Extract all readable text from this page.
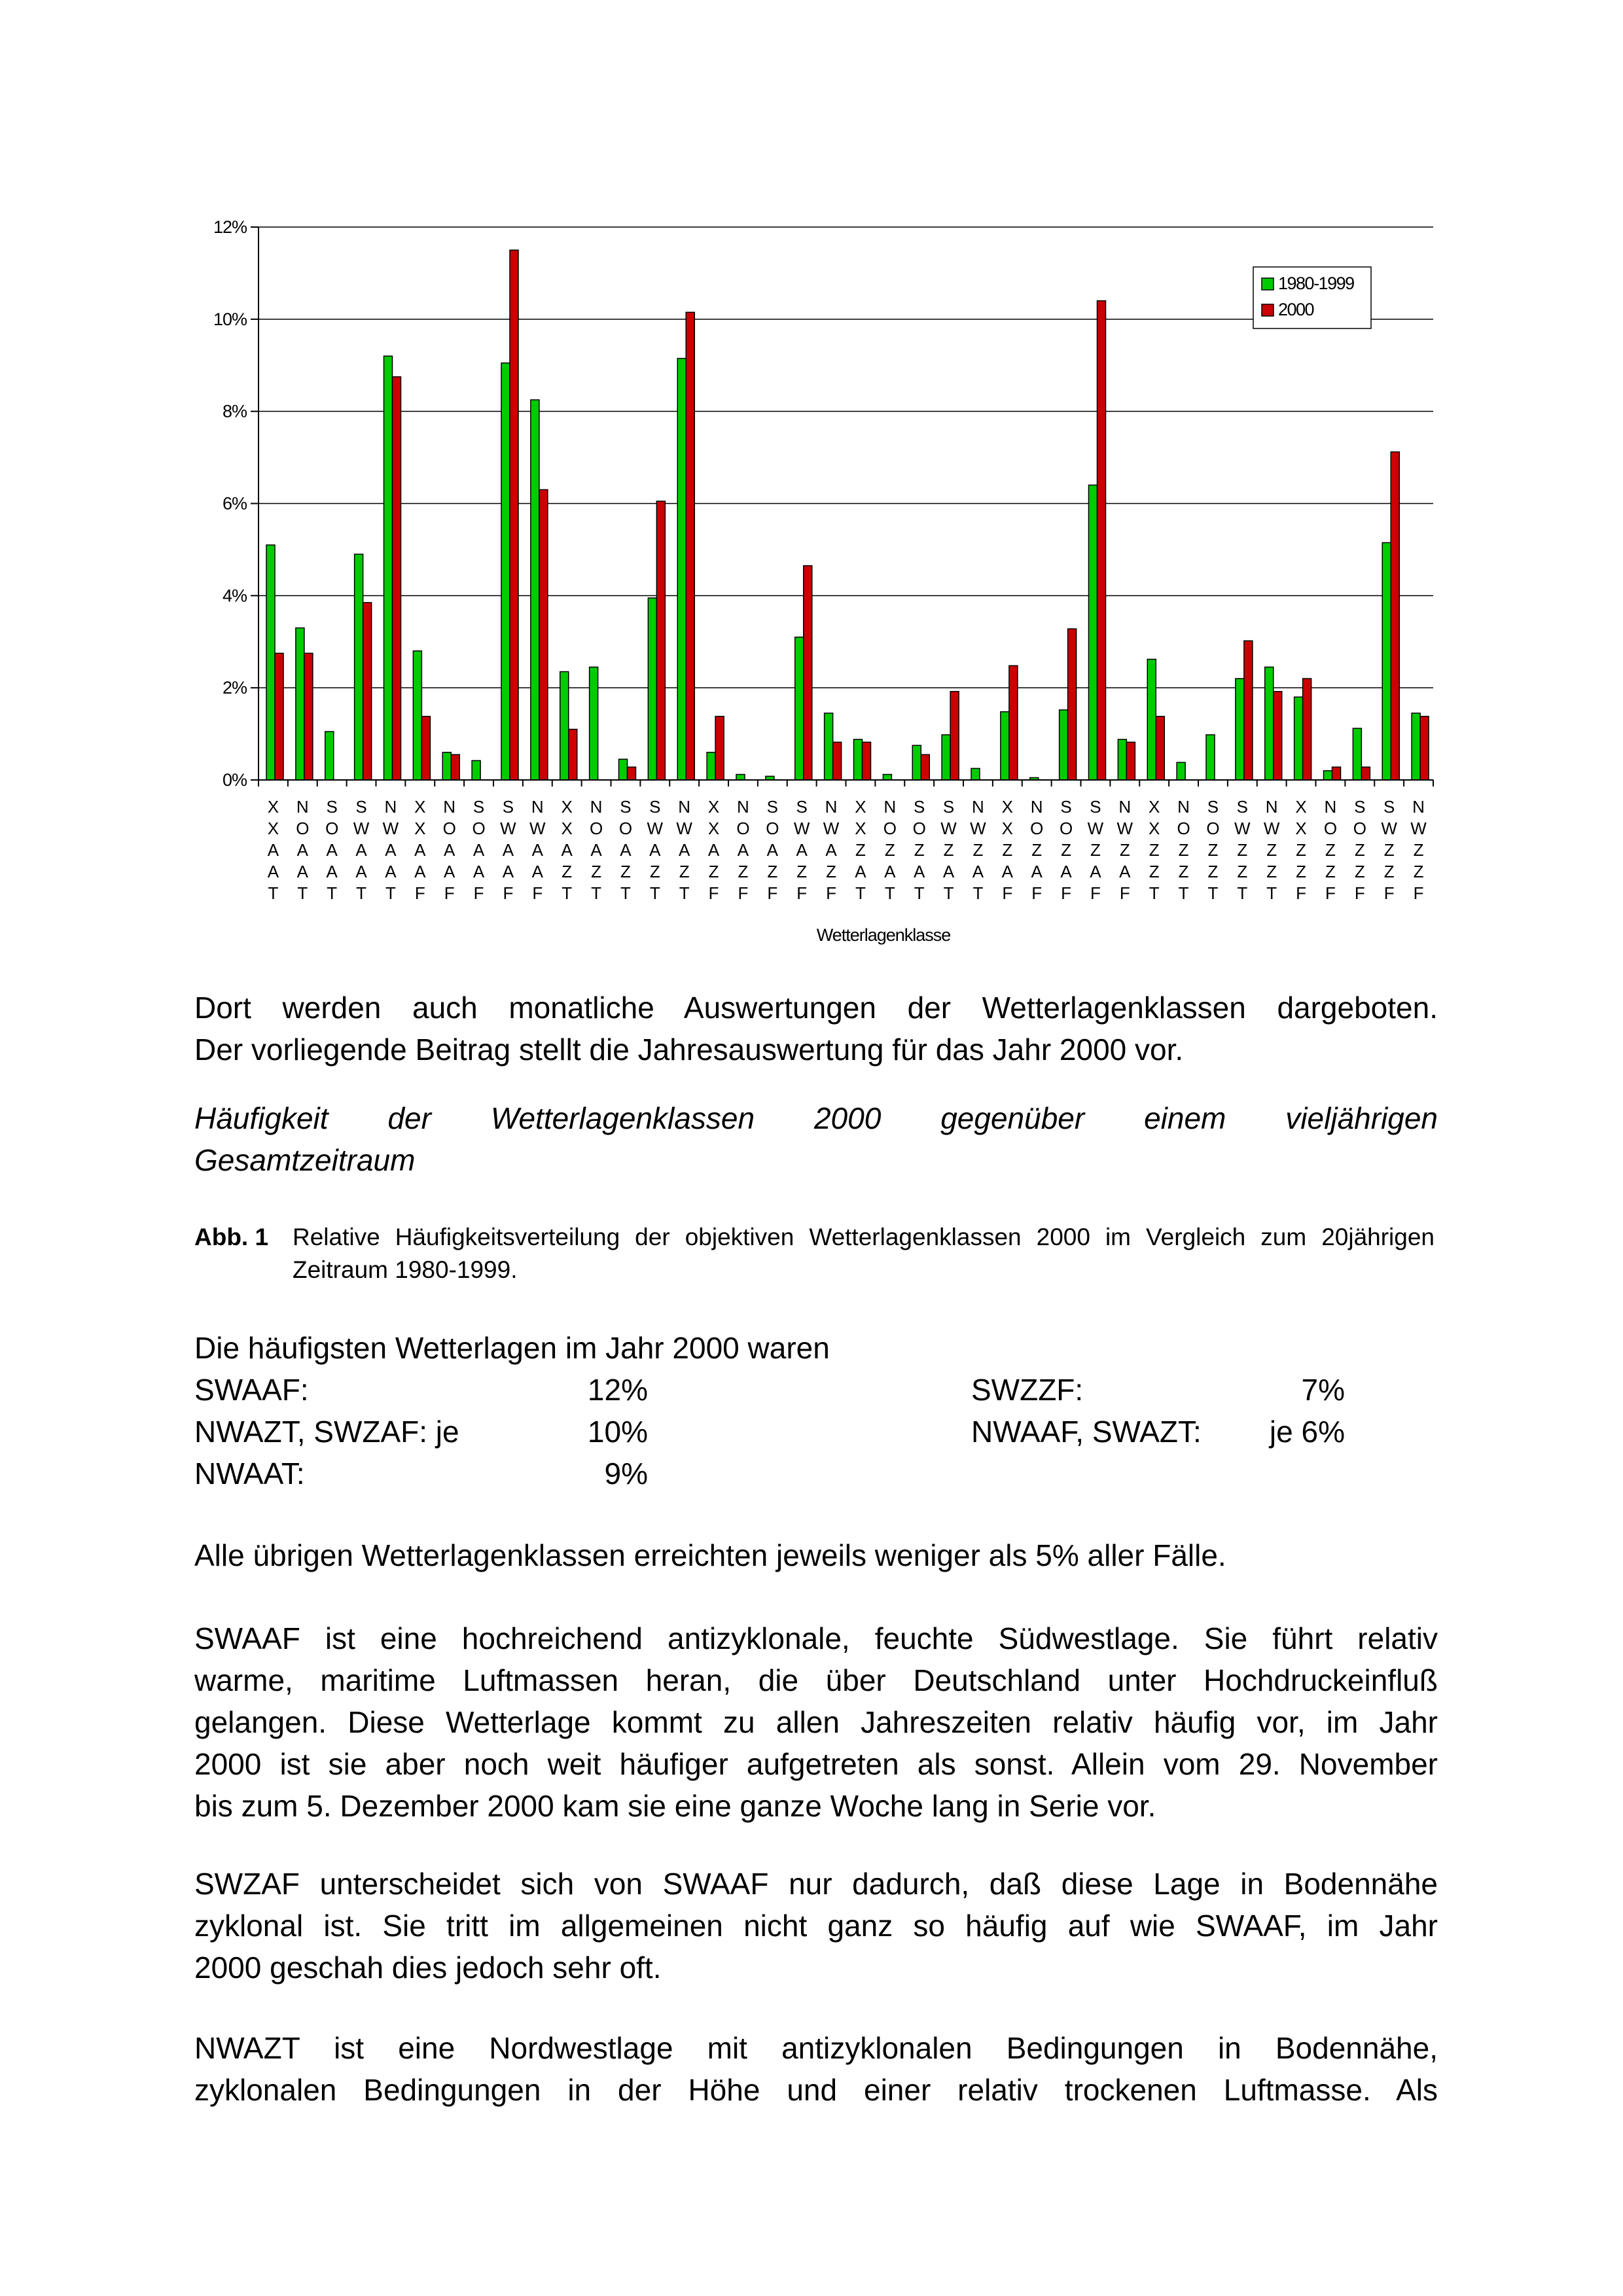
0%
2%
4%
6%
8%
10%
12%
X X A A T
N O A A T
S O A A T
S W A A T
N W A A T
X X A A F
N O A A F
S O A A F
S W A A F
N W A A F
X X A Z T
N O A Z T
S O A Z T
S W A Z T
N W A Z T
X X A Z F
N O A Z F
S O A Z F
S W A Z F
N W A Z F
X X Z A T
N O Z A T
S O Z A T
S W Z A T
N W Z A T
X X Z A F
N O Z A F
S O Z A F
S W Z A F
N W Z A F
X X Z Z T
N O Z Z T
S O Z Z T
S W Z Z T
N W Z Z T
X X Z Z F
N O Z Z F
S O Z Z F
S W Z Z F
N W Z Z F
1980-1999
2000
Wetterlagenklasse

Dort werden auch monatliche Auswertungen der Wetterlagenklassen dargeboten.

Der vorliegende Beitrag stellt die Jahresauswertung für das Jahr 2000 vor.

Häufigkeit der Wetterlagenklassen 2000 gegenüber einem vieljährigen

Gesamtzeitraum

Abb. 1 Relative Häufigkeitsverteilung der objektiven Wetterlagenklassen 2000 im Vergleich zum 20jährigen Zeitraum 1980-1999.
Die häufigsten Wetterlagen im Jahr 2000 waren
SWAAF:	12%	SWZZF:	7%
NWAZT, SWZAF: je	10%	NWAAF, SWAZT:	je 6%
NWAAT:	9%
Alle übrigen Wetterlagenklassen erreichten jeweils weniger als 5% aller Fälle.

SWAAF ist eine hochreichend antizyklonale, feuchte Südwestlage. Sie führt relativ

warme, maritime Luftmassen heran, die über Deutschland unter Hochdruckeinfluß

gelangen. Diese Wetterlage kommt zu allen Jahreszeiten relativ häufig vor, im Jahr

2000 ist sie aber noch weit häufiger aufgetreten als sonst. Allein vom 29. November

bis zum 5. Dezember 2000 kam sie eine ganze Woche lang in Serie vor.

SWZAF unterscheidet sich von SWAAF nur dadurch, daß diese Lage in Bodennähe

zyklonal ist. Sie tritt im allgemeinen nicht ganz so häufig auf wie SWAAF, im Jahr

2000 geschah dies jedoch sehr oft.

NWAZT ist eine Nordwestlage mit antizyklonalen Bedingungen in Bodennähe,

zyklonalen Bedingungen in der Höhe und einer relativ trockenen Luftmasse. Als
